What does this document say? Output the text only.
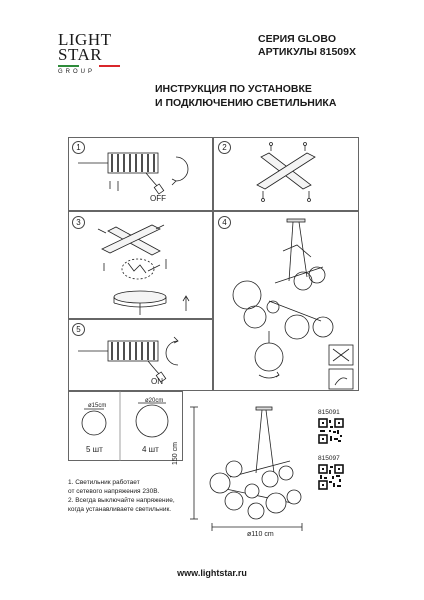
LIGHT
STAR
GROUP
СЕРИЯ GLOBO
АРТИКУЛЫ 81509X
ИНСТРУКЦИЯ ПО УСТАНОВКЕ
И ПОДКЛЮЧЕНИЮ СВЕТИЛЬНИКА
1
OFF
2
3	4
5
ON
ø15cm
ø20cm
5 шт	4 шт
1. Светильник работает
от сетевого напряжения 230В.
2. Всегда выключайте напряжение,
когда устанавливаете светильник.
150 cm
ø110 cm
815091
815097
www.lightstar.ru
